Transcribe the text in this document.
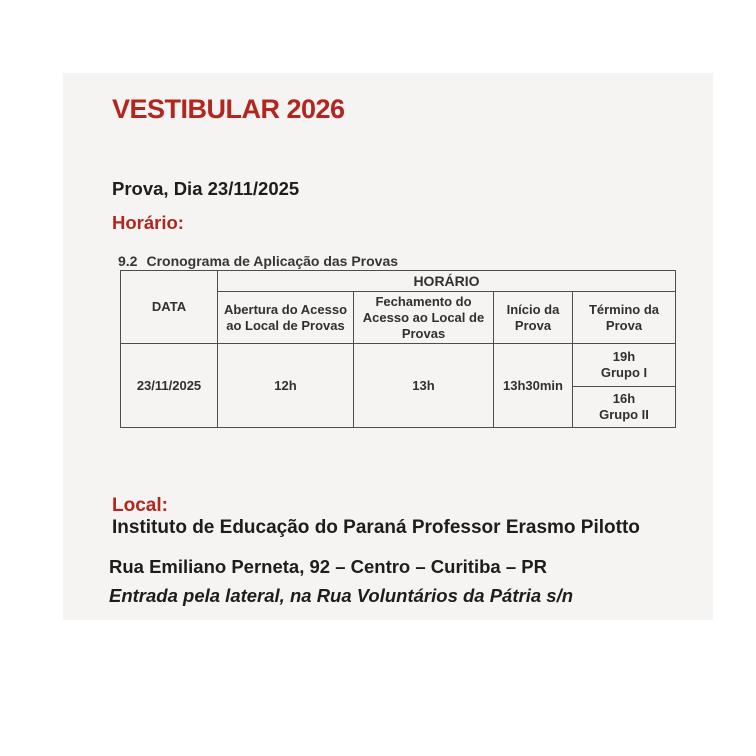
VESTIBULAR 2026
Prova, Dia 23/11/2025
Horário:
9.2 Cronograma de Aplicação das Provas
DATA	HORÁRIO			
	Abertura do Acesso ao Local de Provas	Fechamento do Acesso ao Local de Provas	Início da Prova	Término da Prova
23/11/2025	12h	13h	13h30min	19h
Grupo I

				16h
Grupo II
Local:
Instituto de Educação do Paraná Professor Erasmo Pilotto
Rua Emiliano Perneta, 92 – Centro – Curitiba – PR
Entrada pela lateral, na Rua Voluntários da Pátria s/n
